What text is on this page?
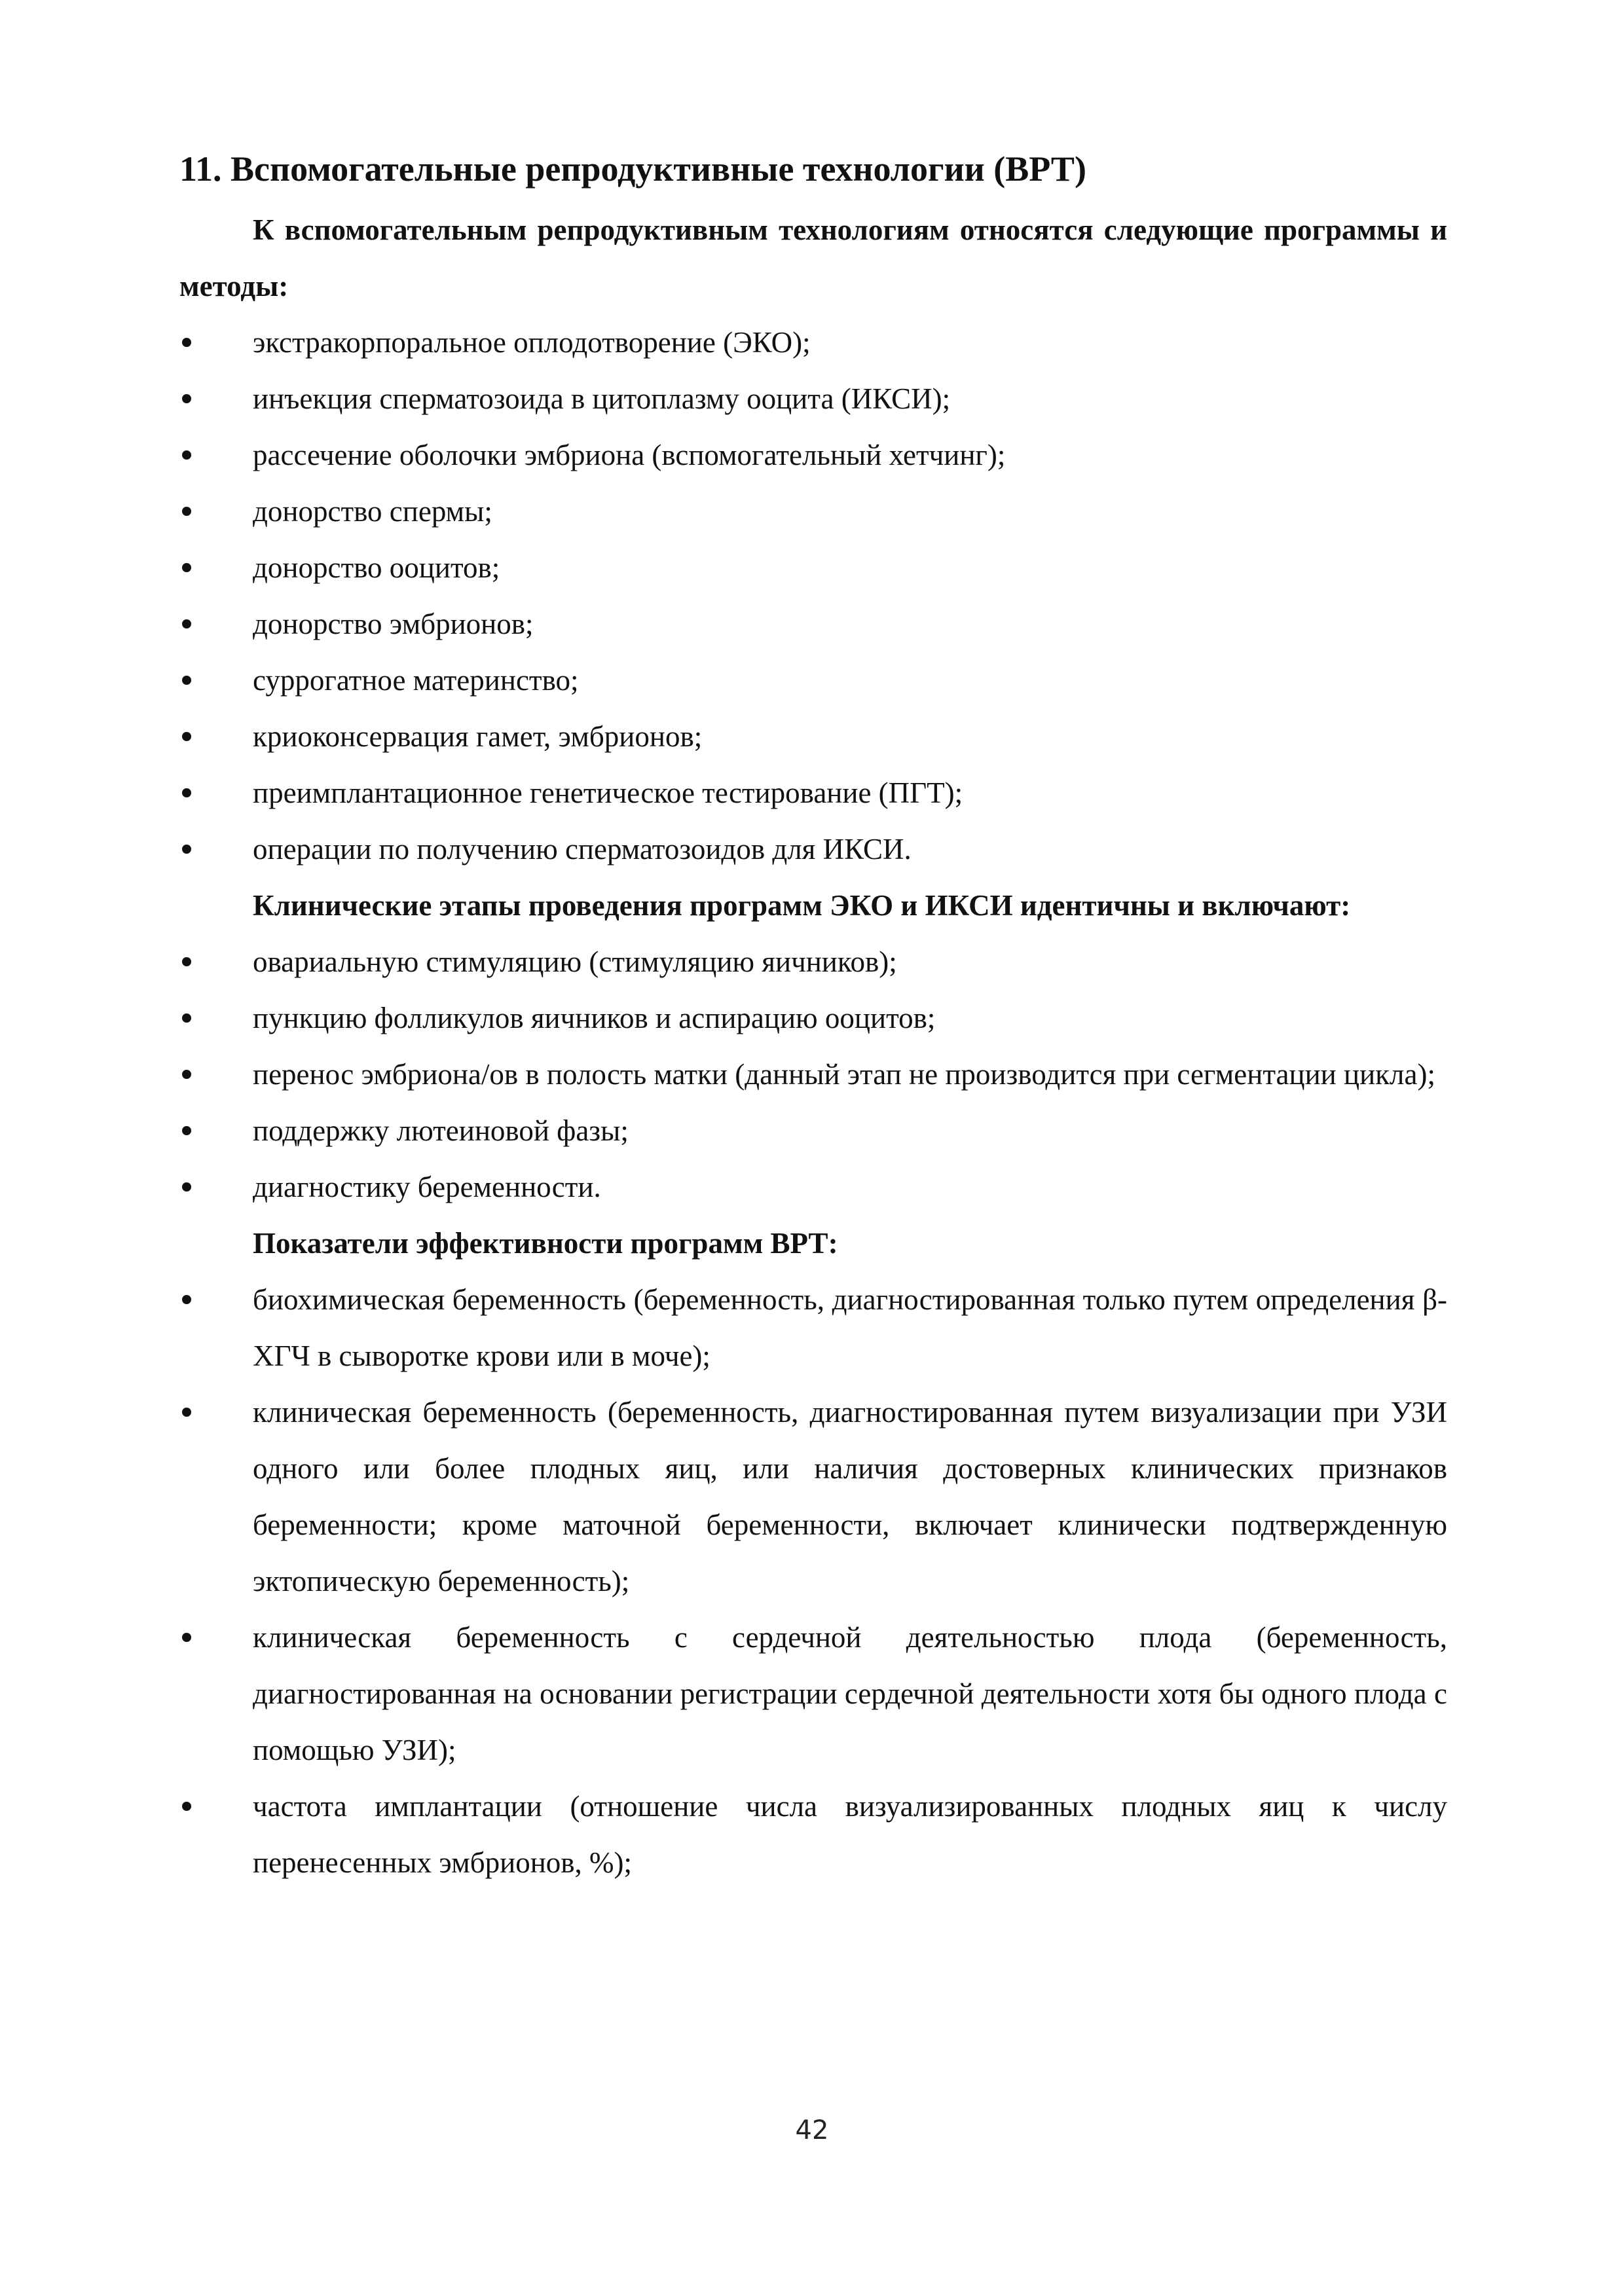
11. Вспомогательные репродуктивные технологии (ВРТ)

К вспомогательным репродуктивным технологиям относятся следующие программы и методы:

экстракорпоральное оплодотворение (ЭКО);
инъекция сперматозоида в цитоплазму ооцита (ИКСИ);
рассечение оболочки эмбриона (вспомогательный хетчинг);
донорство спермы;
донорство ооцитов;
донорство эмбрионов;
суррогатное материнство;
криоконсервация гамет, эмбрионов;
преимплантационное генетическое тестирование (ПГТ);
операции по получению сперматозоидов для ИКСИ.

Клинические этапы проведения программ ЭКО и ИКСИ идентичны и включают:

овариальную стимуляцию (стимуляцию яичников);
пункцию фолликулов яичников и аспирацию ооцитов;
перенос эмбриона/ов в полость матки (данный этап не производится при сегментации цикла);
поддержку лютеиновой фазы;
диагностику беременности.

Показатели эффективности программ ВРТ:

биохимическая беременность (беременность, диагностированная только путем определения β-ХГЧ в сыворотке крови или в моче);
клиническая беременность (беременность, диагностированная путем визуализации при УЗИ одного или более плодных яиц, или наличия достоверных клинических признаков беременности; кроме маточной беременности, включает клинически подтвержденную эктопическую беременность);
клиническая беременность с сердечной деятельностью плода (беременность, диагностированная на основании регистрации сердечной деятельности хотя бы одного плода с помощью УЗИ);
частота имплантации (отношение числа визуализированных плодных яиц к числу перенесенных эмбрионов, %);
42
